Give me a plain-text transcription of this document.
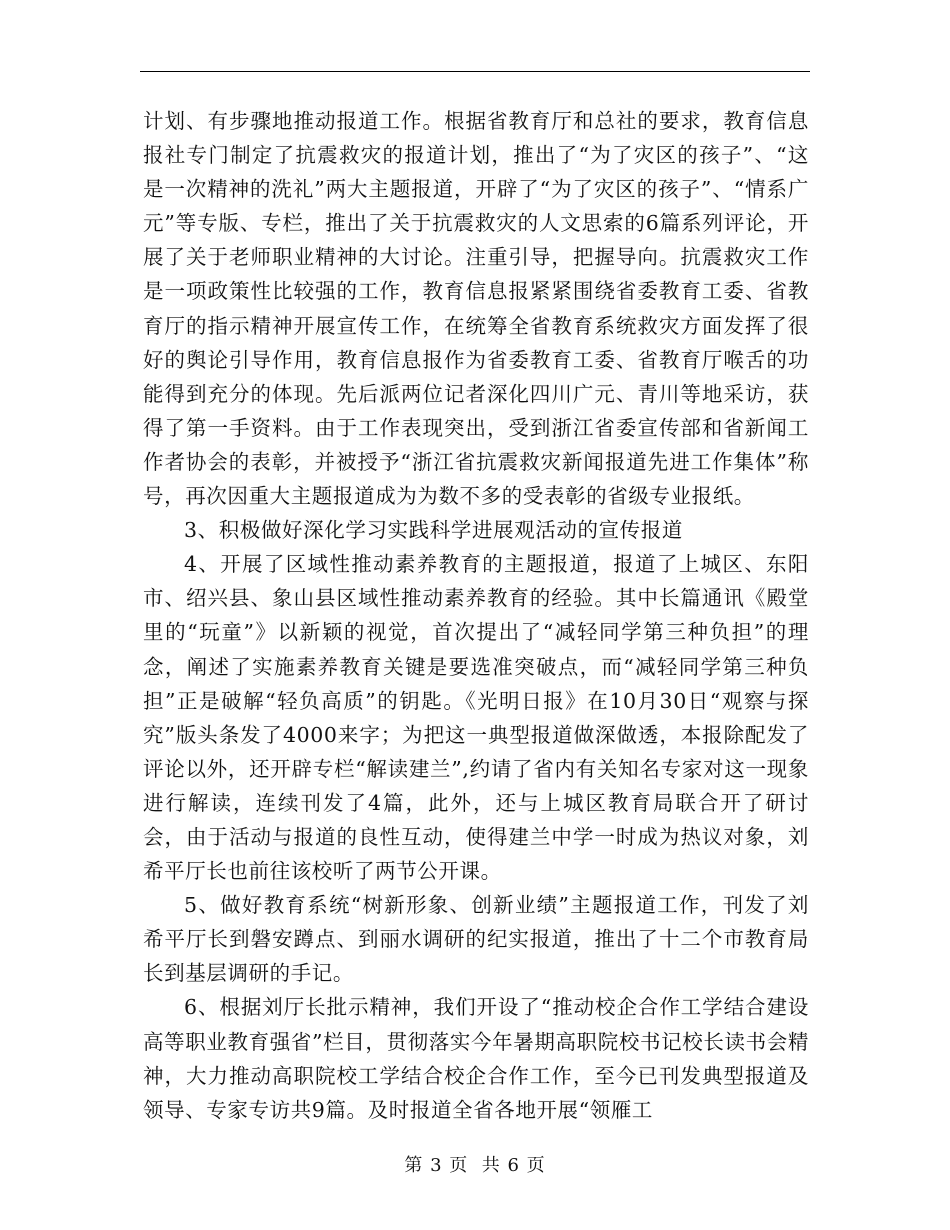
计划、有步骤地推动报道工作。根据省教育厅和总社的要求，教育信息报社专门制定了抗震救灾的报道计划，推出了“为了灾区的孩子”、“这是一次精神的洗礼”两大主题报道，开辟了“为了灾区的孩子”、“情系广元”等专版、专栏，推出了关于抗震救灾的人文思索的6篇系列评论，开展了关于老师职业精神的大讨论。注重引导，把握导向。抗震救灾工作是一项政策性比较强的工作，教育信息报紧紧围绕省委教育工委、省教育厅的指示精神开展宣传工作，在统筹全省教育系统救灾方面发挥了很好的舆论引导作用，教育信息报作为省委教育工委、省教育厅喉舌的功能得到充分的体现。先后派两位记者深化四川广元、青川等地采访，获得了第一手资料。由于工作表现突出，受到浙江省委宣传部和省新闻工作者协会的表彰，并被授予“浙江省抗震救灾新闻报道先进工作集体”称号，再次因重大主题报道成为为数不多的受表彰的省级专业报纸。

3、积极做好深化学习实践科学进展观活动的宣传报道

4、开展了区域性推动素养教育的主题报道，报道了上城区、东阳市、绍兴县、象山县区域性推动素养教育的经验。其中长篇通讯《殿堂里的“玩童”》以新颖的视觉，首次提出了“减轻同学第三种负担”的理念，阐述了实施素养教育关键是要选准突破点，而“减轻同学第三种负担”正是破解“轻负高质”的钥匙。《光明日报》在10月30日“观察与探究”版头条发了4000来字；为把这一典型报道做深做透，本报除配发了评论以外，还开辟专栏“解读建兰”,约请了省内有关知名专家对这一现象进行解读，连续刊发了4篇，此外，还与上城区教育局联合开了研讨会，由于活动与报道的良性互动，使得建兰中学一时成为热议对象，刘希平厅长也前往该校听了两节公开课。

5、做好教育系统“树新形象、创新业绩”主题报道工作，刊发了刘希平厅长到磐安蹲点、到丽水调研的纪实报道，推出了十二个市教育局长到基层调研的手记。

6、根据刘厅长批示精神，我们开设了“推动校企合作工学结合建设高等职业教育强省”栏目，贯彻落实今年暑期高职院校书记校长读书会精神，大力推动高职院校工学结合校企合作工作，至今已刊发典型报道及领导、专家专访共9篇。及时报道全省各地开展“领雁工

第 3 页  共 6 页
